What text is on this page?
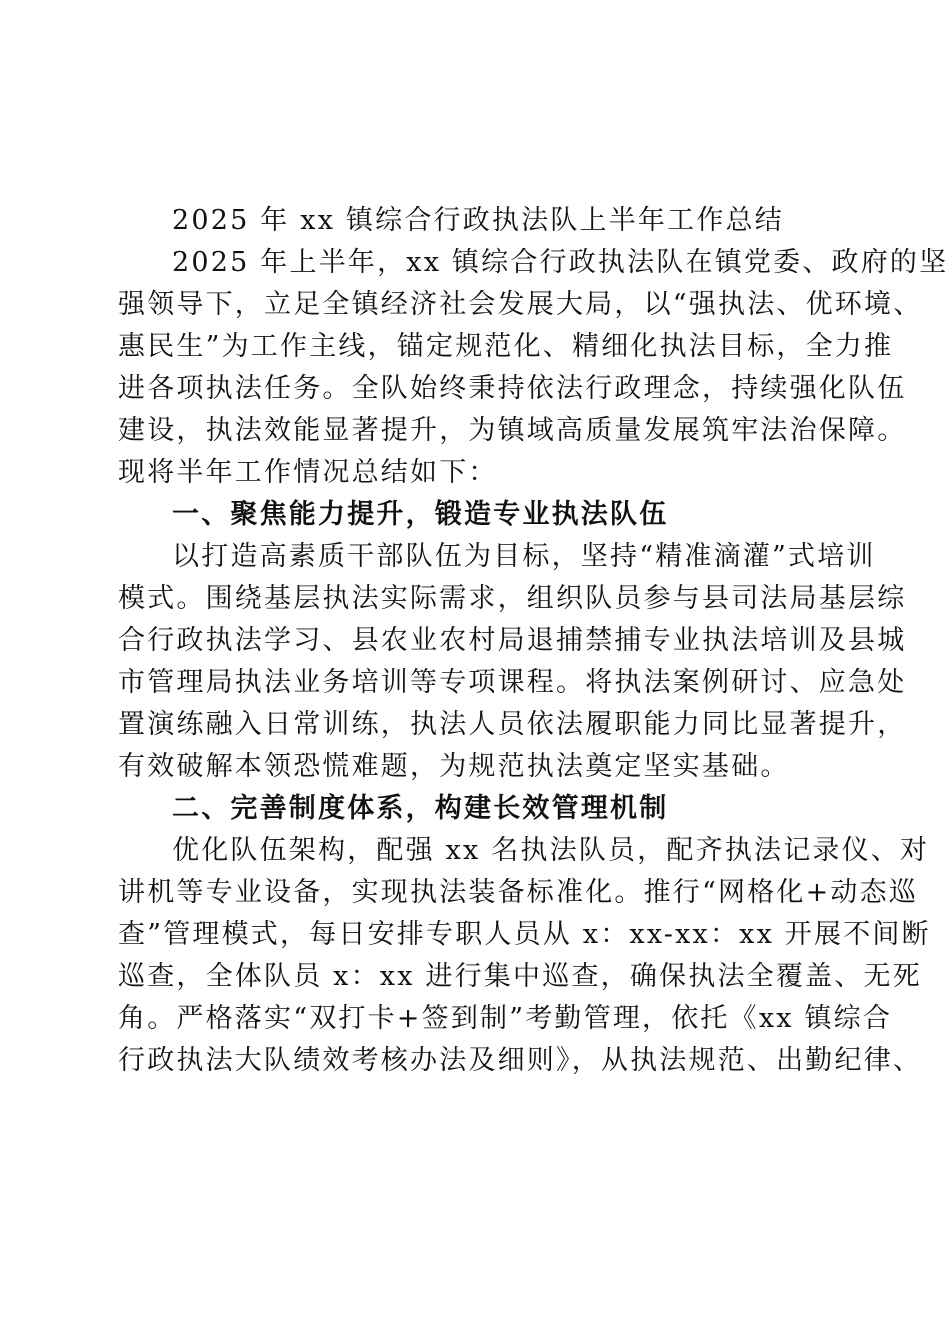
2025 年 xx 镇综合行政执法队上半年工作总结
2025 年上半年，xx 镇综合行政执法队在镇党委、政府的坚
强领导下，立足全镇经济社会发展大局，以“强执法、优环境、
惠民生”为工作主线，锚定规范化、精细化执法目标，全力推
进各项执法任务。全队始终秉持依法行政理念，持续强化队伍
建设，执法效能显著提升，为镇域高质量发展筑牢法治保障。
现将半年工作情况总结如下：
一、聚焦能力提升，锻造专业执法队伍
以打造高素质干部队伍为目标，坚持“精准滴灌”式培训
模式。围绕基层执法实际需求，组织队员参与县司法局基层综
合行政执法学习、县农业农村局退捕禁捕专业执法培训及县城
市管理局执法业务培训等专项课程。将执法案例研讨、应急处
置演练融入日常训练，执法人员依法履职能力同比显著提升，
有效破解本领恐慌难题，为规范执法奠定坚实基础。
二、完善制度体系，构建长效管理机制
优化队伍架构，配强 xx 名执法队员，配齐执法记录仪、对
讲机等专业设备，实现执法装备标准化。推行“网格化+动态巡
查”管理模式，每日安排专职人员从 x：xx-xx：xx 开展不间断
巡查，全体队员 x：xx 进行集中巡查，确保执法全覆盖、无死
角。严格落实“双打卡+签到制”考勤管理，依托《xx 镇综合
行政执法大队绩效考核办法及细则》，从执法规范、出勤纪律、
